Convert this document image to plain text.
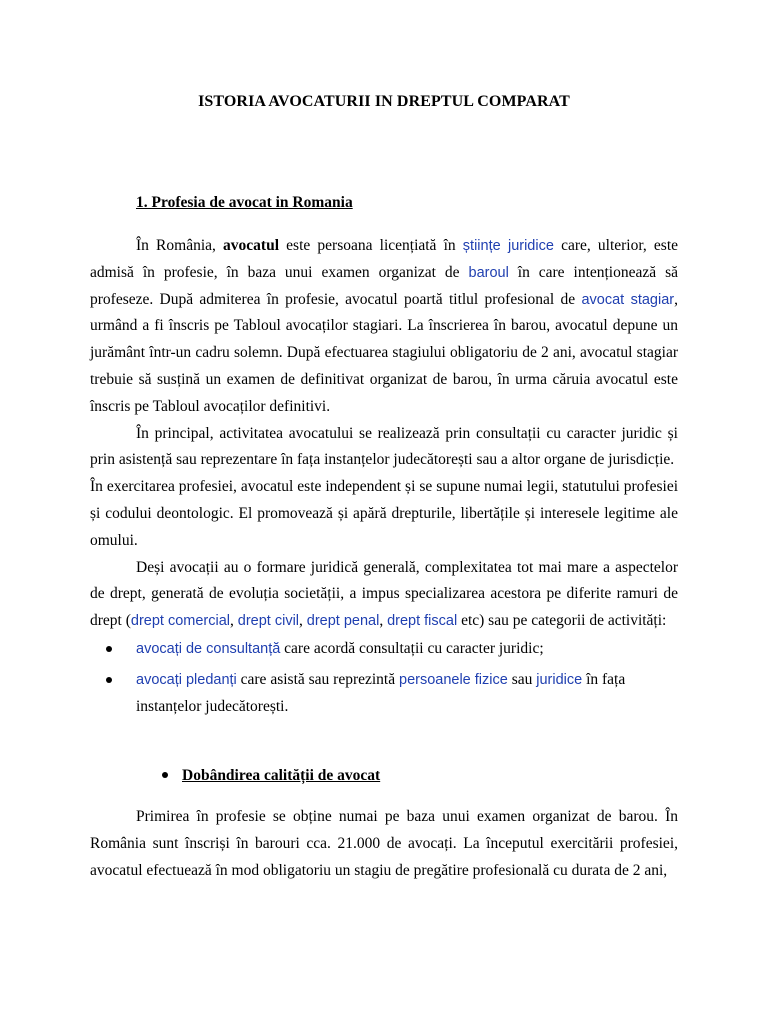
ISTORIA AVOCATURII IN DREPTUL COMPARAT
1. Profesia de avocat in Romania

În România, avocatul este persoana licențiată în științe juridice care, ulterior, este admisă în profesie, în baza unui examen organizat de baroul în care intenționează să profeseze. După admiterea în profesie, avocatul poartă titlul profesional de avocat stagiar, urmând a fi înscris pe Tabloul avocaților stagiari. La înscrierea în barou, avocatul depune un jurământ într-un cadru solemn. După efectuarea stagiului obligatoriu de 2 ani, avocatul stagiar trebuie să susțină un examen de definitivat organizat de barou, în urma căruia avocatul este înscris pe Tabloul avocaților definitivi.

În principal, activitatea avocatului se realizează prin consultații cu caracter juridic și prin asistență sau reprezentare în fața instanțelor judecătorești sau a altor organe de jurisdicție.

În exercitarea profesiei, avocatul este independent și se supune numai legii, statutului profesiei și codului deontologic. El promovează și apără drepturile, libertățile și interesele legitime ale omului.

Deși avocații au o formare juridică generală, complexitatea tot mai mare a aspectelor de drept, generată de evoluția societății, a impus specializarea acestora pe diferite ramuri de drept (drept comercial, drept civil, drept penal, drept fiscal etc) sau pe categorii de activități:

avocați de consultanță care acordă consultații cu caracter juridic;
avocați pledanți care asistă sau reprezintă persoanele fizice sau juridice în fața instanțelor judecătorești.
Dobândirea calității de avocat

Primirea în profesie se obține numai pe baza unui examen organizat de barou. În România sunt înscriși în barouri cca. 21.000 de avocați. La începutul exercitării profesiei, avocatul efectuează în mod obligatoriu un stagiu de pregătire profesională cu durata de 2 ani,
